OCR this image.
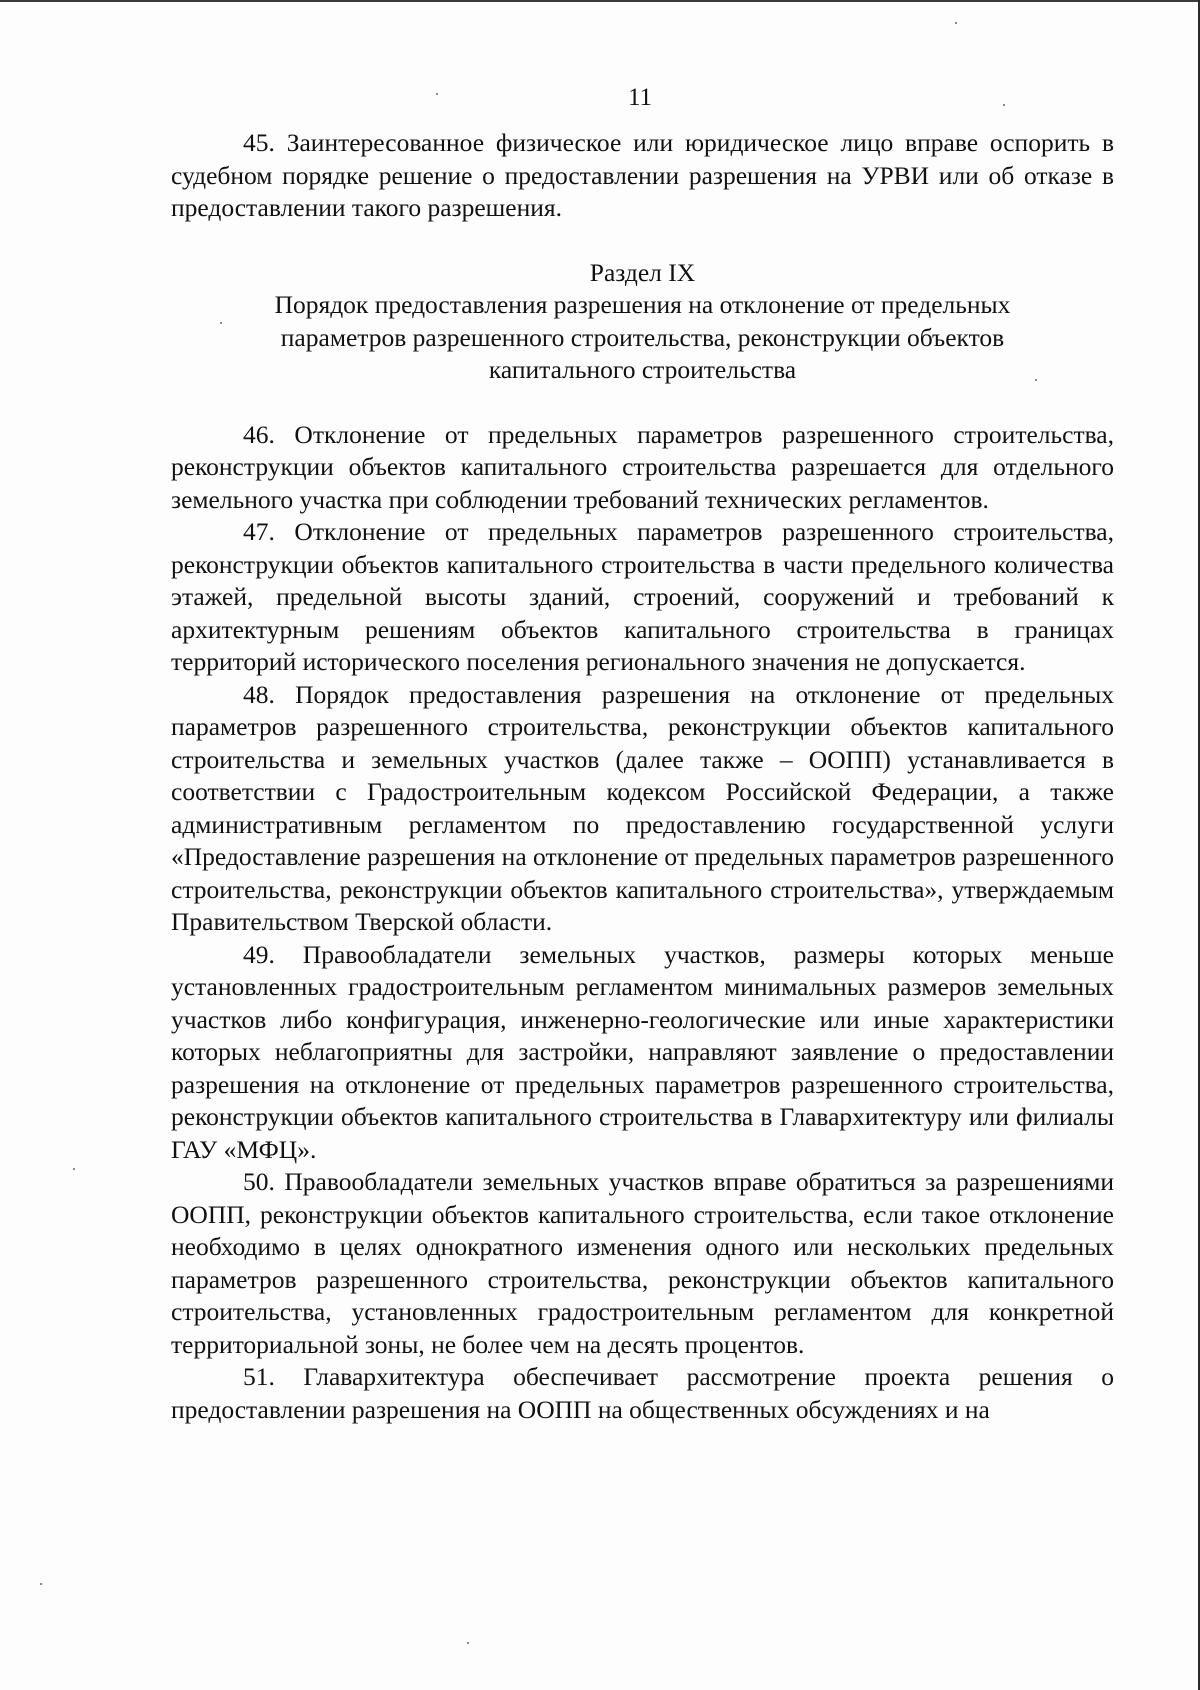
11

45. Заинтересованное физическое или юридическое лицо вправе оспорить в судебном порядке решение о предоставлении разрешения на УРВИ или об отказе в предоставлении такого разрешения.

Раздел IX

Порядок предоставления разрешения на отклонение от предельных параметров разрешенного строительства, реконструкции объектов капитального строительства

46. Отклонение от предельных параметров разрешенного строительства, реконструкции объектов капитального строительства разрешается для отдельного земельного участка при соблюдении требований технических регламентов.

47. Отклонение от предельных параметров разрешенного строительства, реконструкции объектов капитального строительства в части предельного количества этажей, предельной высоты зданий, строений, сооружений и требований к архитектурным решениям объектов капитального строительства в границах территорий исторического поселения регионального значения не допускается.

48. Порядок предоставления разрешения на отклонение от предельных параметров разрешенного строительства, реконструкции объектов капитального строительства и земельных участков (далее также – ООПП) устанавливается в соответствии с Градостроительным кодексом Российской Федерации, а также административным регламентом по предоставлению государственной услуги «Предоставление разрешения на отклонение от предельных параметров разрешенного строительства, реконструкции объектов капитального строительства», утверждаемым Правительством Тверской области.

49. Правообладатели земельных участков, размеры которых меньше установленных градостроительным регламентом минимальных размеров земельных участков либо конфигурация, инженерно-геологические или иные характеристики которых неблагоприятны для застройки, направляют заявление о предоставлении разрешения на отклонение от предельных параметров разрешенного строительства, реконструкции объектов капитального строительства в Главархитектуру или филиалы ГАУ «МФЦ».

50. Правообладатели земельных участков вправе обратиться за разрешениями ООПП, реконструкции объектов капитального строительства, если такое отклонение необходимо в целях однократного изменения одного или нескольких предельных параметров разрешенного строительства, реконструкции объектов капитального строительства, установленных градостроительным регламентом для конкретной территориальной зоны, не более чем на десять процентов.

51. Главархитектура обеспечивает рассмотрение проекта решения о предоставлении разрешения на ООПП на общественных обсуждениях и на
